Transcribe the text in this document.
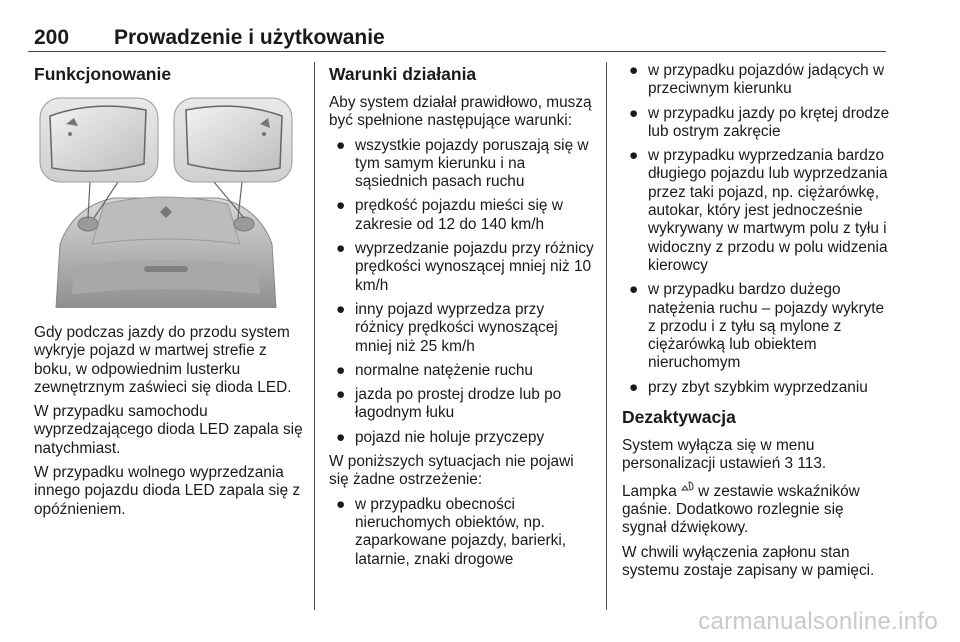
200 Prowadzenie i użytkowanie
Funkcjonowanie

Gdy podczas jazdy do przodu system wykryje pojazd w martwej strefie z boku, w odpowiednim lusterku zewnętrznym zaświeci się dioda LED.

W przypadku samochodu wyprzedzającego dioda LED zapala się natychmiast.

W przypadku wolnego wyprzedzania innego pojazdu dioda LED zapala się z opóźnieniem.

Warunki działania

Aby system działał prawidłowo, muszą być spełnione następujące warunki:

● wszystkie pojazdy poruszają się w tym samym kierunku i na sąsiednich pasach ruchu
● prędkość pojazdu mieści się w zakresie od 12 do 140 km/h
● wyprzedzanie pojazdu przy różnicy prędkości wynoszącej mniej niż 10 km/h
● inny pojazd wyprzedza przy różnicy prędkości wynoszącej mniej niż 25 km/h
● normalne natężenie ruchu
● jazda po prostej drodze lub po łagodnym łuku
● pojazd nie holuje przyczepy

W poniższych sytuacjach nie pojawi się żadne ostrzeżenie:

● w przypadku obecności nieruchomych obiektów, np. zaparkowane pojazdy, barierki, latarnie, znaki drogowe
● w przypadku pojazdów jadących w przeciwnym kierunku
● w przypadku jazdy po krętej drodze lub ostrym zakręcie
● w przypadku wyprzedzania bardzo długiego pojazdu lub wyprzedzania przez taki pojazd, np. ciężarówkę, autokar, który jest jednocześnie wykrywany w martwym polu z tyłu i widoczny z przodu w polu widzenia kierowcy
● w przypadku bardzo dużego natężenia ruchu – pojazdy wykryte z przodu i z tyłu są mylone z ciężarówką lub obiektem nieruchomym
● przy zbyt szybkim wyprzedzaniu
Dezaktywacja

System wyłącza się w menu personalizacji ustawień 3 113.

Lampka w zestawie wskaźników gaśnie. Dodatkowo rozlegnie się sygnał dźwiękowy.

W chwili wyłączenia zapłonu stan systemu zostaje zapisany w pamięci.

carmanualsonline.info
